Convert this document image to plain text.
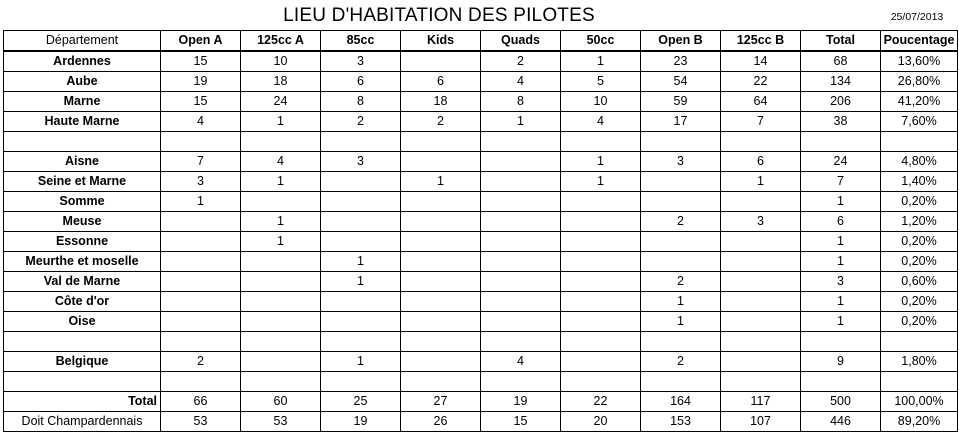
LIEU D'HABITATION DES PILOTES	25/07/2013
Département	Open A	125cc A	85cc	Kids	Quads	50cc	Open B	125cc B	Total	Poucentage
Ardennes	15	10	3		2	1	23	14	68	13,60%
Aube	19	18	6	6	4	5	54	22	134	26,80%
Marne	15	24	8	18	8	10	59	64	206	41,20%
Haute Marne	4	1	2	2	1	4	17	7	38	7,60%

Aisne	7	4	3			1	3	6	24	4,80%
Seine et Marne	3	1		1		1		1	7	1,40%
Somme	1								1	0,20%
Meuse		1					2	3	6	1,20%
Essonne		1							1	0,20%
Meurthe et moselle			1						1	0,20%
Val de Marne			1				2		3	0,60%
Côte d'or							1		1	0,20%
Oise							1		1	0,20%

Belgique	2		1		4		2		9	1,80%

Total	66	60	25	27	19	22	164	117	500	100,00%
Doit Champardennais	53	53	19	26	15	20	153	107	446	89,20%
